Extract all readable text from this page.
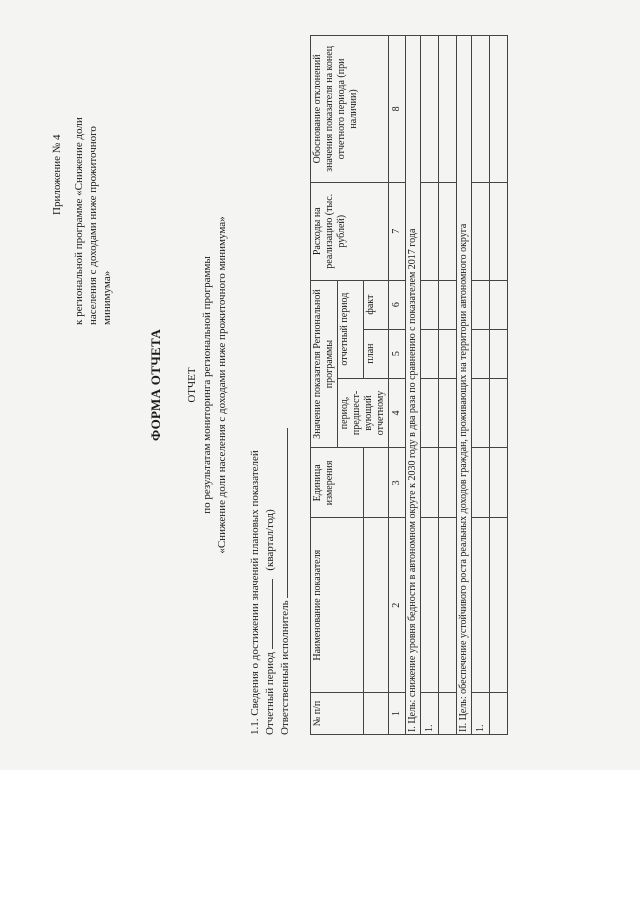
Приложение № 4 к региональной программе «Снижение доли населения с доходами ниже прожиточного минимума»
ФОРМА ОТЧЕТА ОТЧЕТ по результатам мониторинга региональной программы «Снижение доли населения с доходами ниже прожиточного минимума»
1.1. Сведения о достижении значений плановых показателей Отчетный период  (квартал/год)
Ответственный исполнитель № п/п	Наименование показателя	Единица измерения	Значение показателя Региональной программы			Расходы на реализацию (тыс. рублей)	Обоснование отклонений значения показателя на конец отчетного периода (при наличии)
			период, предшест-вующий отчетному	отчетный период			
				план	факт		
1	2	3	4	5	6	7	8
I. Цель: снижение уровня бедности в автономном округе к 2030 году в два раза по сравнению с показателем 2017 года							
1.							

II. Цель: обеспечение устойчивого роста реальных доходов граждан, проживающих на территории автономного округа							
1.							
